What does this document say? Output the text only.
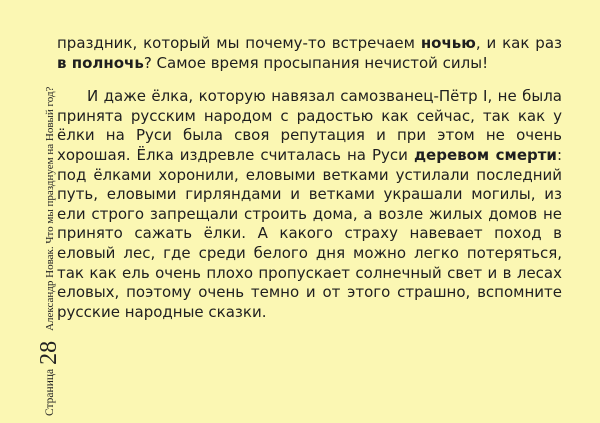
Страница
28
Александр Новак. Что мы празднуем на Новый год?

праздник, который мы почему-то встречаем ночью, и как раз в полночь? Самое время просыпания нечистой силы!

И даже ёлка, которую навязал самозванец-Пётр I, не была принята русским народом с радостью как сейчас, так как у ёлки на Руси была своя репутация и при этом не очень хорошая. Ёлка издревле считалась на Руси деревом смерти: под ёлками хоронили, еловыми ветками устилали последний путь, еловыми гирляндами и ветками украшали могилы, из ели строго запрещали строить дома, а возле жилых домов не принято сажать ёлки. А какого страху навевает поход в еловый лес, где среди белого дня можно легко потеряться, так как ель очень плохо пропускает солнечный свет и в лесах еловых, поэтому очень темно и от этого страшно, вспомните русские народные сказки.
